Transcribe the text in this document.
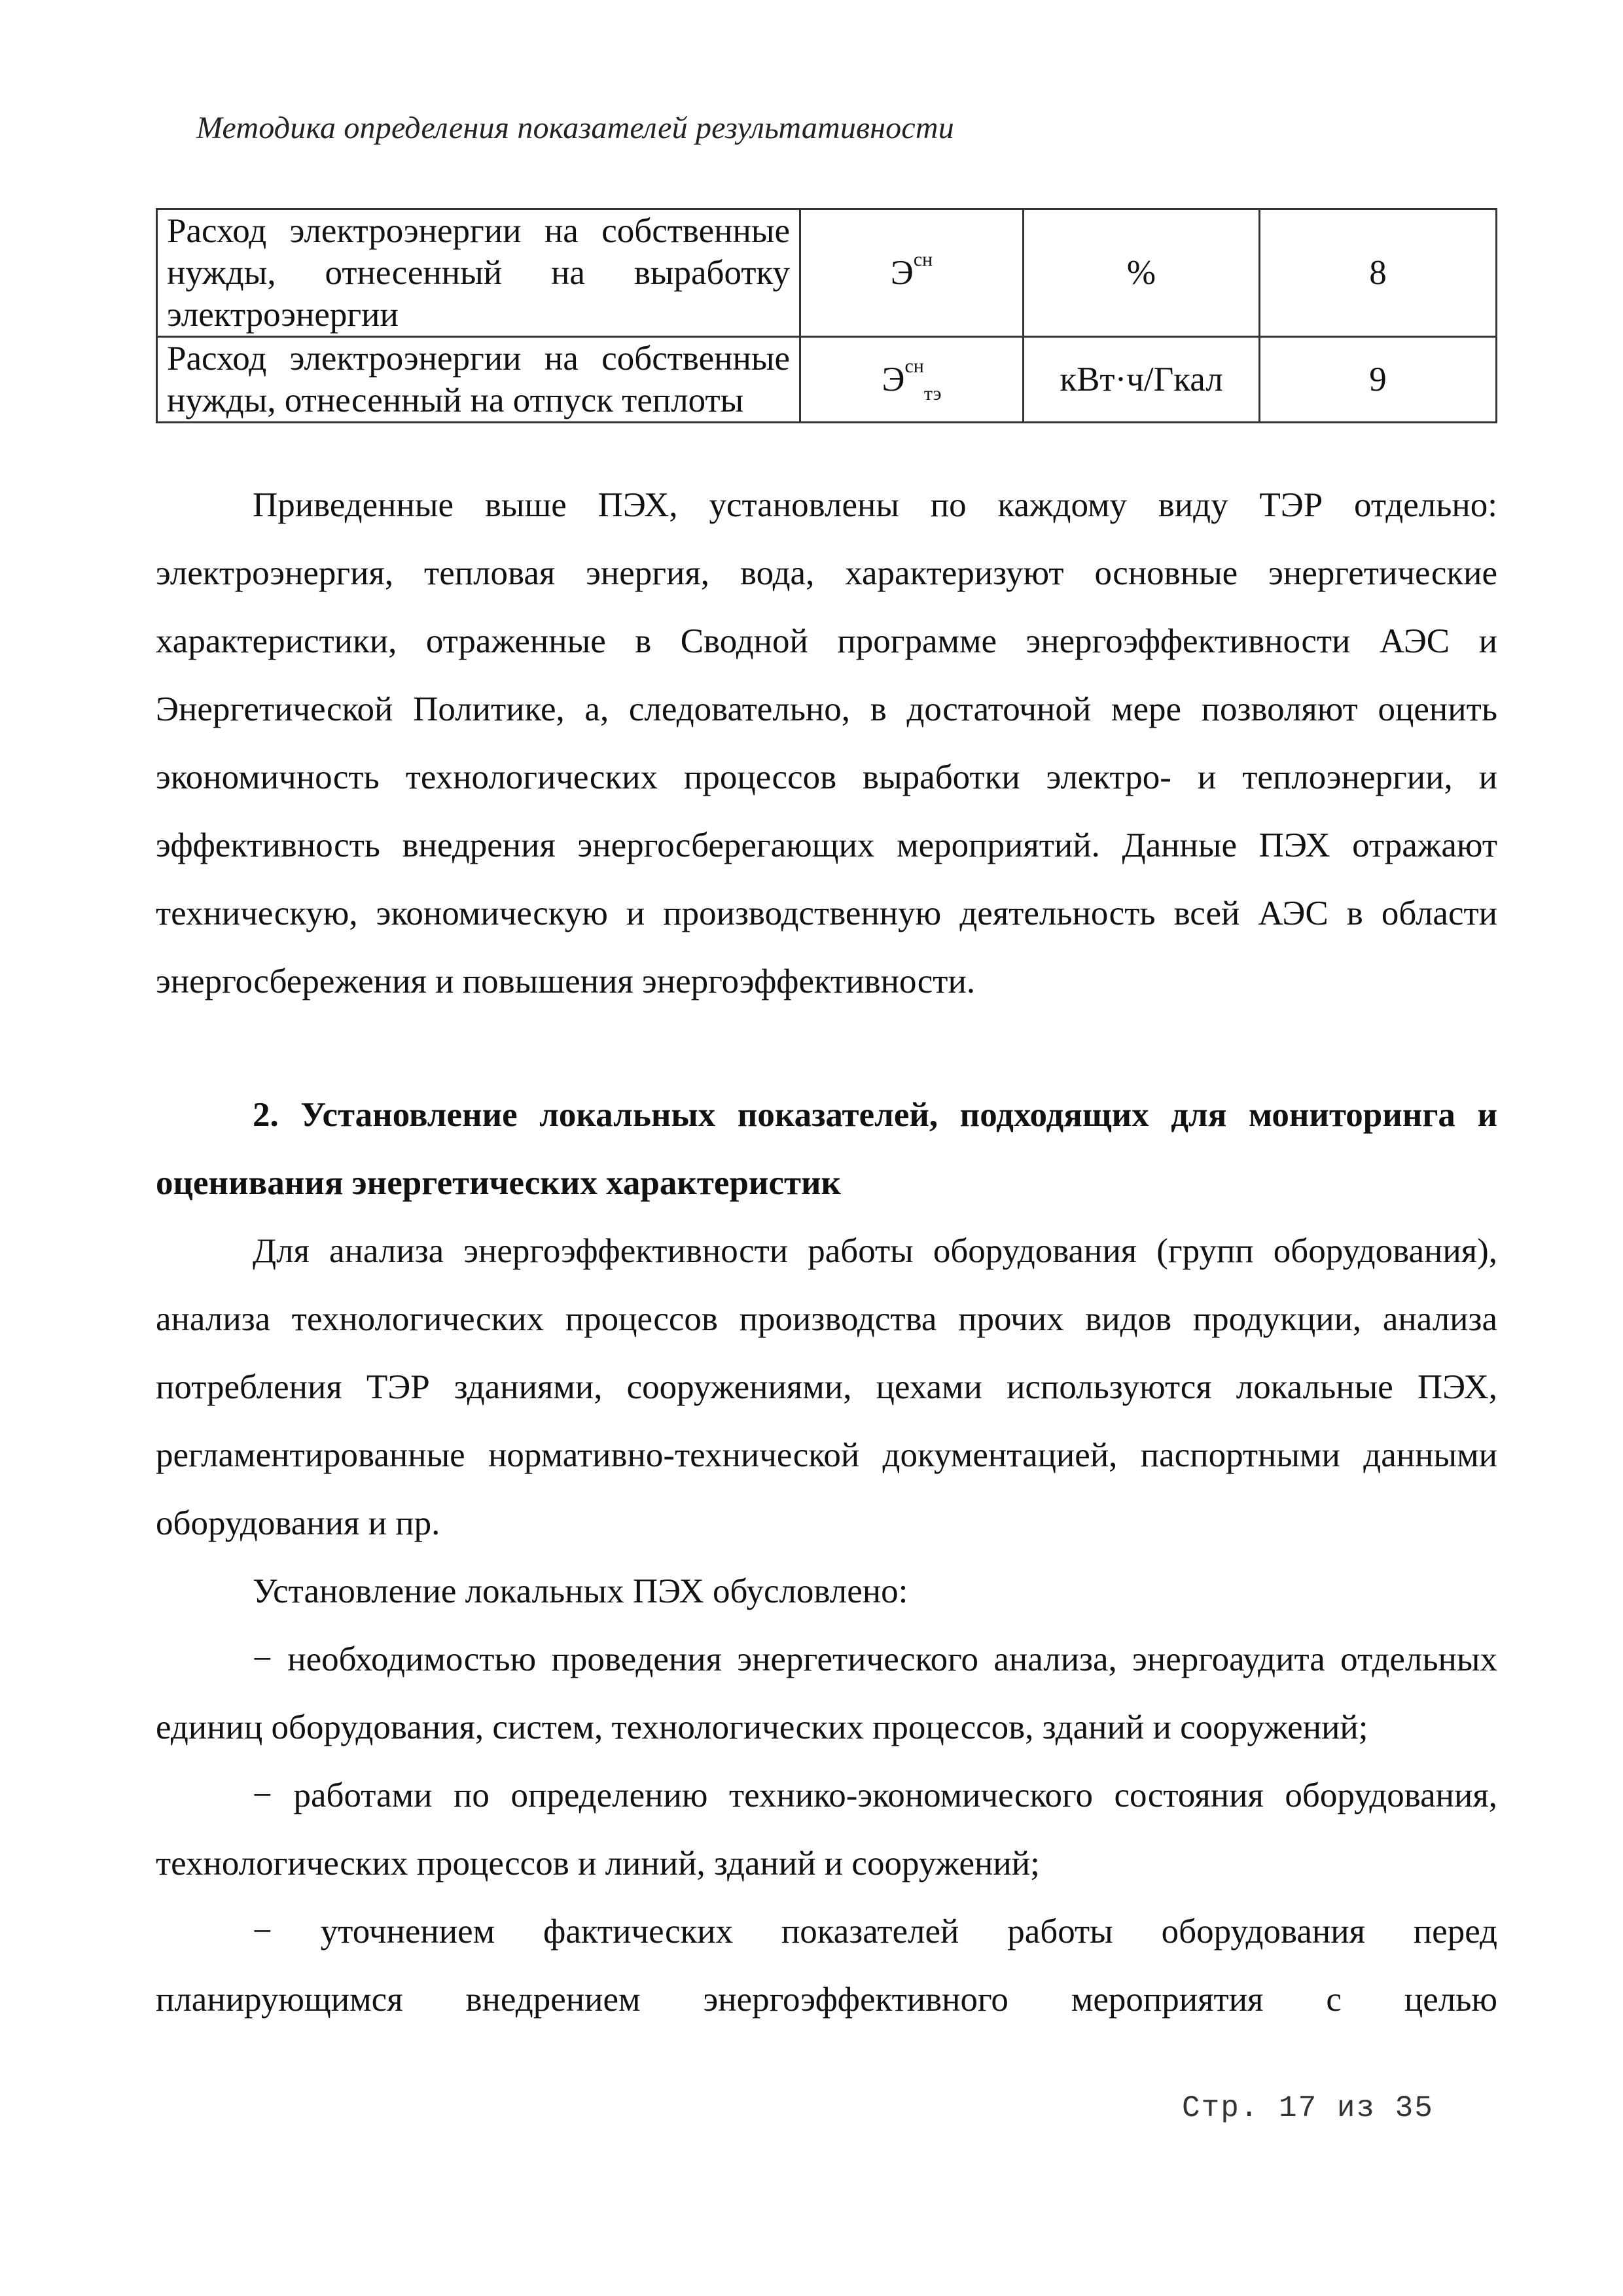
Методика определения показателей результативности
Расход электроэнергии на собственные нужды, отнесенный на выработку электроэнергии	$Э^{сн}$	%	8
Расход электроэнергии на собственные нужды, отнесенный на отпуск теплоты	$Э^{сн}_{тэ}$	кВт·ч/Гкал	9

Приведенные выше ПЭХ, установлены по каждому виду ТЭР отдельно: электроэнергия, тепловая энергия, вода, характеризуют основные энергетические характеристики, отраженные в Сводной программе энергоэффективности АЭС и Энергетической Политике, а, следовательно, в достаточной мере позволяют оценить экономичность технологических процессов выработки электро- и теплоэнергии, и эффективность внедрения энергосберегающих мероприятий. Данные ПЭХ отражают техническую, экономическую и производственную деятельность всей АЭС в области энергосбережения и повышения энергоэффективности.

2. Установление локальных показателей, подходящих для мониторинга и оценивания энергетических характеристик

Для анализа энергоэффективности работы оборудования (групп оборудования), анализа технологических процессов производства прочих видов продукции, анализа потребления ТЭР зданиями, сооружениями, цехами используются локальные ПЭХ, регламентированные нормативно-технической документацией, паспортными данными оборудования и пр.

Установление локальных ПЭХ обусловлено:

− необходимостью проведения энергетического анализа, энергоаудита отдельных единиц оборудования, систем, технологических процессов, зданий и сооружений;

− работами по определению технико-экономического состояния оборудования, технологических процессов и линий, зданий и сооружений;

− уточнением фактических показателей работы оборудования перед планирующимся внедрением энергоэффективного мероприятия с целью

Стр. 17 из 35
